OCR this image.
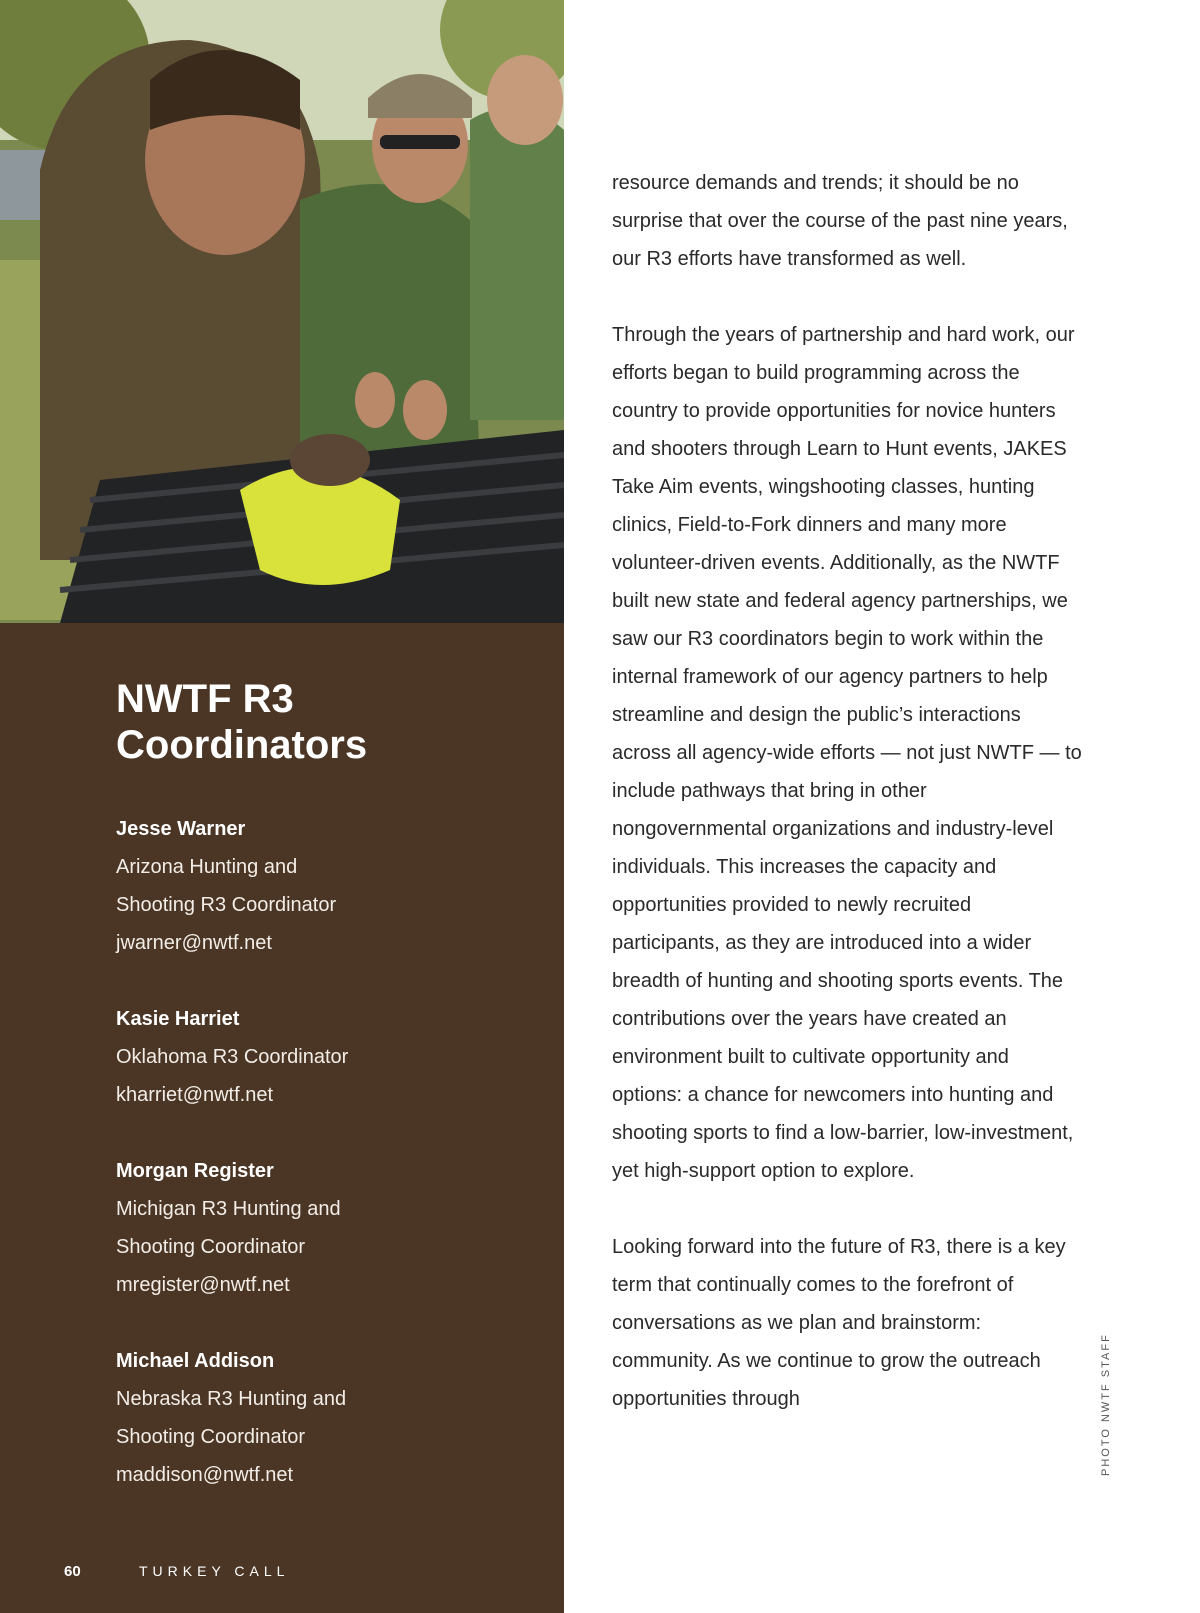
NWTF R3
Coordinators
Jesse Warner
Arizona Hunting and
Shooting R3 Coordinator
jwarner@nwtf.net
Kasie Harriet
Oklahoma R3 Coordinator
kharriet@nwtf.net
Morgan Register
Michigan R3 Hunting and
Shooting Coordinator
mregister@nwtf.net
Michael Addison
Nebraska R3 Hunting and
Shooting Coordinator
maddison@nwtf.net
60	TURKEY CALL

resource demands and trends; it should be no surprise that over the course of the past nine years, our R3 efforts have transformed as well.

Through the years of partnership and hard work, our efforts began to build programming across the country to provide opportunities for novice hunters and shooters through Learn to Hunt events, JAKES Take Aim events, wingshooting classes, hunting clinics, Field-to-Fork dinners and many more volunteer-driven events. Additionally, as the NWTF built new state and federal agency partnerships, we saw our R3 coordinators begin to work within the internal framework of our agency partners to help streamline and design the public’s interactions across all agency-wide efforts — not just NWTF — to include pathways that bring in other nongovernmental organizations and industry-level individuals. This increases the capacity and opportunities provided to newly recruited participants, as they are introduced into a wider breadth of hunting and shooting sports events. The contributions over the years have created an environment built to cultivate opportunity and options: a chance for newcomers into hunting and shooting sports to find a low-barrier, low-investment, yet high-support option to explore.

Looking forward into the future of R3, there is a key term that continually comes to the forefront of conversations as we plan and brainstorm: community. As we continue to grow the outreach opportunities through	PHOTO NWTF STAFF
